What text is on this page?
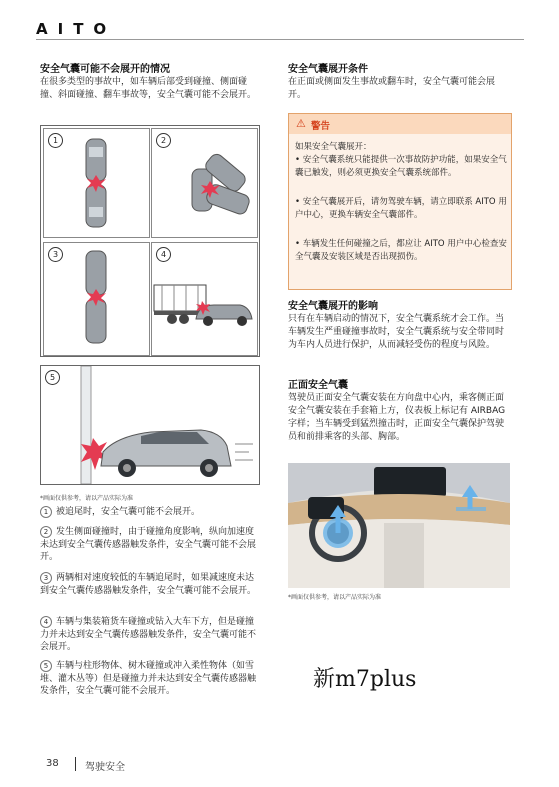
AITO
安全气囊可能不会展开的情况
在很多类型的事故中，如车辆后部受到碰撞、侧面碰撞、斜面碰撞、翻车事故等，安全气囊可能不会展开。
1	2
3	4
5
*画面仅供参考，请以产品实际为准
1 被追尾时，安全气囊可能不会展开。
2 发生侧面碰撞时，由于碰撞角度影响，纵向加速度未达到安全气囊传感器触发条件，安全气囊可能不会展开。
3 两辆相对速度较低的车辆追尾时，如果减速度未达到安全气囊传感器触发条件，安全气囊可能不会展开。
4 车辆与集装箱货车碰撞或钻入大车下方，但是碰撞力并未达到安全气囊传感器触发条件，安全气囊可能不会展开。
5 车辆与柱形物体、树木碰撞或冲入柔性物体（如雪堆、灌木丛等）但是碰撞力并未达到安全气囊传感器触发条件，安全气囊可能不会展开。
安全气囊展开条件
在正面或侧面发生事故或翻车时，安全气囊可能会展开。
⚠ 警告
如果安全气囊展开：
• 安全气囊系统只能提供一次事故防护功能，如果安全气囊已触发，则必须更换安全气囊系统部件。
• 安全气囊展开后，请勿驾驶车辆，请立即联系 AITO 用户中心，更换车辆安全气囊部件。
• 车辆发生任何碰撞之后，都应让 AITO 用户中心检查安全气囊及安装区域是否出现损伤。
安全气囊展开的影响
只有在车辆启动的情况下，安全气囊系统才会工作。当车辆发生严重碰撞事故时，安全气囊系统与安全带同时为车内人员进行保护，从而减轻受伤的程度与风险。
正面安全气囊
驾驶员正面安全气囊安装在方向盘中心内，乘客侧正面安全气囊安装在手套箱上方，仪表板上标记有 AIRBAG 字样；当车辆受到猛烈撞击时，正面安全气囊保护驾驶员和前排乘客的头部、胸部。
*画面仅供参考，请以产品实际为准
新m7plus
38	驾驶安全
